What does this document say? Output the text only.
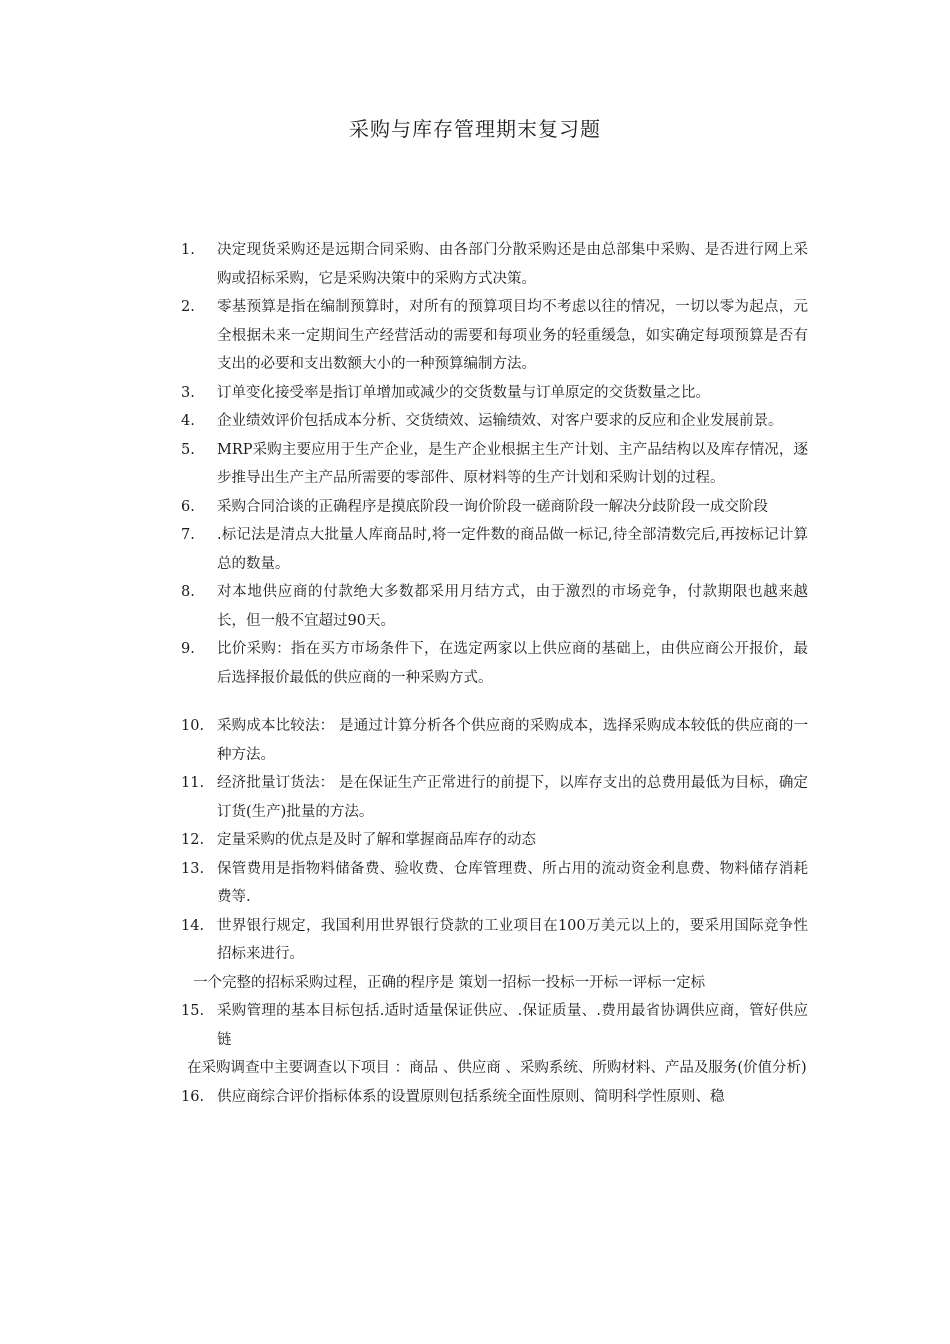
采购与库存管理期末复习题
1. 决定现货采购还是远期合同采购、由各部门分散采购还是由总部集中采购、是否进行网上采购或招标采购，它是采购决策中的采购方式决策。
2. 零基预算是指在编制预算时，对所有的预算项目均不考虑以往的情况，一切以零为起点，元全根据未来一定期间生产经营活动的需要和每项业务的轻重缓急，如实确定每项预算是否有支出的必要和支出数额大小的一种预算编制方法。
3. 订单变化接受率是指订单增加或减少的交货数量与订单原定的交货数量之比。
4. 企业绩效评价包括成本分析、交货绩效、运输绩效、对客户要求的反应和企业发展前景。
5. MRP采购主要应用于生产企业，是生产企业根据主生产计划、主产品结构以及库存情况，逐步推导出生产主产品所需要的零部件、原材料等的生产计划和采购计划的过程。
6. 采购合同洽谈的正确程序是摸底阶段一询价阶段一磋商阶段一解决分歧阶段一成交阶段
7. .标记法是清点大批量人库商品时,将一定件数的商品做一标记,待全部清数完后,再按标记计算总的数量。
8. 对本地供应商的付款绝大多数都采用月结方式，由于激烈的市场竞争，付款期限也越来越长，但一般不宜超过90天。
9. 比价采购：指在买方市场条件下，在选定两家以上供应商的基础上，由供应商公开报价，最后选择报价最低的供应商的一种采购方式。
10. 采购成本比较法： 是通过计算分析各个供应商的采购成本，选择采购成本较低的供应商的一种方法。
11. 经济批量订货法： 是在保证生产正常进行的前提下，以库存支出的总费用最低为目标，确定订货(生产)批量的方法。
12. 定量采购的优点是及时了解和掌握商品库存的动态
13. 保管费用是指物料储备费、验收费、仓库管理费、所占用的流动资金利息费、物料储存消耗费等.
14. 世界银行规定，我国利用世界银行贷款的工业项目在100万美元以上的，要采用国际竞争性招标来进行。
一个完整的招标采购过程，正确的程序是 策划一招标一投标一开标一评标一定标
15. 采购管理的基本目标包括.适时适量保证供应、.保证质量、.费用最省协调供应商，管好供应链
在采购调查中主要调查以下项目 ：商品 、供应商 、采购系统、所购材料、产品及服务(价值分析)
16. 供应商综合评价指标体系的设置原则包括系统全面性原则、简明科学性原则、稳
